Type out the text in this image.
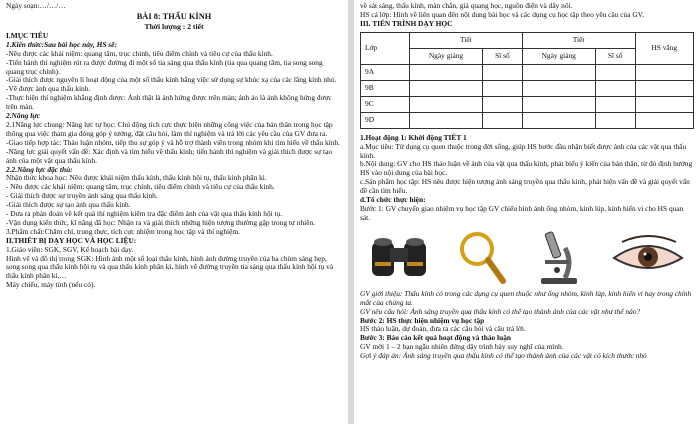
Ngày soạn:…/…/…

BÀI 8: THẤU KÍNH

Thời lượng : 2 tiết

I.MỤC TIÊU

1.Kiến thức:Sau bài học này, HS sẽ:

-Nêu được các khái niệm: quang tâm, trục chính, tiêu điểm chính và tiêu cự của thấu kính.

-Tiến hành thí nghiệm rút ra được đường đi một số tia sáng qua thấu kính (tia qua quang tâm, tia song song quang trục chính).

-Giải thích được nguyên lí hoạt động của một số thấu kính bằng việc sử dụng sự khúc xạ của các lăng kính nhỏ.

-Vẽ được ảnh qua thấu kính.

-Thực hiện thí nghiệm khẳng định được: Ảnh thật là ảnh hứng được trên màn; ảnh ảo là ảnh không hứng được trên màn.

2.Năng lực

2.1Năng lực chung: Năng lực tự học: Chủ động tích cực thực hiện những công việc của bản thân trong học tập thông qua việc tham gia đóng góp ý tưởng, đặt câu hỏi, làm thí nghiệm và trả lời các yêu cầu của GV đưa ra.

-Giao tiếp hợp tác: Thảo luận nhóm, tiếp thu sự góp ý và hỗ trợ thành viên trong nhóm khi tìm hiểu về thấu kính.

-Năng lực giải quyết vấn đề: Xác định và tìm hiểu về thấu kính; tiến hành thí nghiệm và giải thích được sự tạo ảnh của một vật qua thấu kính.

2.2.Năng lực đặc thù:

Nhận thức khoa học: Nêu được khái niệm thấu kính, thấu kính hội tụ, thấu kính phân kì.

- Nêu được các khái niệm: quang tâm, trục chính, tiêu điểm chính và tiêu cự của thấu kính.

- Giải thích được sự truyền ánh sáng qua thấu kính.

-Giải thích được sự tạo ảnh qua thấu kính.

- Đưa ra phán đoán về kết quả thí nghiệm kiểm tra đặc điểm ảnh của vật qua thấu kính hội tụ.

-Vận dụng kiến thức, kĩ năng đã học: Nhận ra và giải thích những hiện tượng thường gặp trong tự nhiên.

3.Phẩm chất:Chăm chỉ, trung thực, tích cực nhiệm trong học tập và thí nghiệm.

II.THIẾT BỊ DẠY HỌC VÀ HỌC LIỆU:

1.Giáo viên: SGK, SGV, Kế hoạch bài dạy.

Hình vẽ và đồ thị trong SGK: Hình ảnh một số loại thấu kính, hình ảnh đường truyền của ba chùm sáng hẹp, song song qua thấu kính hội tụ và qua thấu kính phân kì, hình vẽ đường truyền tia sáng qua thấu kính hội tụ và thấu kính phân kì,…

Máy chiếu, máy tính (nếu có).

về sát sáng, thấu kính, màn chắn, giá quang học, nguồn điện và dây nối.

HS cả lớp: Hình về liên quan đến nội dung bài học và các dụng cụ học tập theo yêu cầu của GV.

III. TIẾN TRÌNH DẠY HỌC

Lớp	Tiết		Tiết		HS vắng
	Ngày giảng	Sĩ số	Ngày giảng	Sĩ số	
9A					
9B					
9C					
9D					

1.Hoạt động 1: Khởi động TIẾT 1

a.Mục tiêu: Từ dụng cụ quen thuộc trong đời sống, giúp HS bước đầu nhận biết được ảnh của các vật qua thấu kính.

b.Nội dung: GV cho HS thảo luận về ảnh của vật qua thấu kính, phát biểu ý kiến của bản thân, từ đó định hướng HS vào nội dung của bài học.

c.Sản phẩm học tập: HS nêu được hiện tượng ảnh sáng truyền qua thấu kính, phát hiện vấn đề và giải quyết vấn đề cần tìm hiểu.

d.Tổ chức thực hiện:

Bước 1: GV chuyển giao nhiệm vụ học tập GV chiếu hình ảnh ống nhòm, kính lúp, kính hiển vi cho HS quan sát.

GV giới thiệu: Thấu kính có trong các dụng cụ quen thuộc như ống nhòm, kính lúp, kính hiển vi hay trong chính mắt của chúng ta.

GV nêu câu hỏi: Ảnh sáng truyền qua thấu kính có thể tạo thành ảnh của các vật như thế nào?

Bước 2: HS thực hiện nhiệm vụ học tập

HS thảo luận, dự đoán, đưa ra các câu hỏi và câu trả lời.

Bước 3: Báo cáo kết quả hoạt động và thảo luận

GV mời 1 – 2 bạn ngẫu nhiên đứng dậy trình bày suy nghĩ của mình.

Gợi ý đáp án: Ảnh sáng truyền qua thấu kính có thể tạo thành ảnh của các vật có kích thước nhỏ
